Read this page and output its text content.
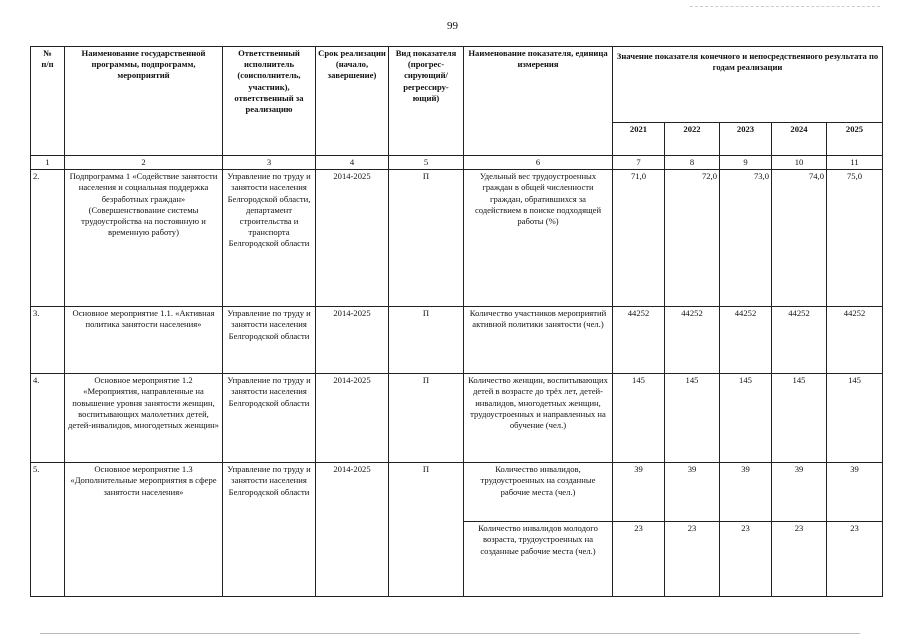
99
№
п/п	Наименование государственной программы, подпрограмм, мероприятий	Ответственный исполнитель (соисполнитель, участник), ответственный за реализацию	Срок реализации (начало, завершение)	Вид показателя (прогрес-сирующий/ регрессиру-ющий)	Наименование показателя, единица измерения	Значение показателя конечного и непосредственного результата по годам реализации				
						2021	2022	2023	2024	2025
1	2	3	4	5	6	7	8	9	10	11
2.	Подпрограмма 1 «Содействие занятости населения и социальная поддержка безработных граждан» (Совершенствование системы трудоустройства на постоянную и временную работу)	Управление по труду и занятости населения Белгородской области, департамент строительства и транспорта Белгородской области	2014-2025	П	Удельный вес трудоустроенных граждан в общей численности граждан, обратившихся за содействием в поиске подходящей работы (%)	71,0	72,0	73,0	74,0	75,0
3.	Основное мероприятие 1.1. «Активная политика занятости населения»	Управление по труду и занятости населения Белгородской области	2014-2025	П	Количество участников мероприятий активной политики занятости (чел.)	44252	44252	44252	44252	44252
4.	Основное мероприятие 1.2 «Мероприятия, направленные на повышение уровня занятости женщин, воспитывающих малолетних детей, детей-инвалидов, многодетных женщин»	Управление по труду и занятости населения Белгородской области	2014-2025	П	Количество женщин, воспитывающих детей в возрасте до трёх лет, детей-инвалидов, многодетных женщин, трудоустроенных и направленных на обучение (чел.)	145	145	145	145	145
5.	Основное мероприятие 1.3 «Дополнительные мероприятия в сфере занятости населения»	Управление по труду и занятости населения Белгородской области	2014-2025	П	Количество инвалидов, трудоустроенных на созданные рабочие места (чел.)	39	39	39	39	39
					Количество инвалидов молодого возраста, трудоустроенных на созданные рабочие места (чел.)	23	23	23	23	23
